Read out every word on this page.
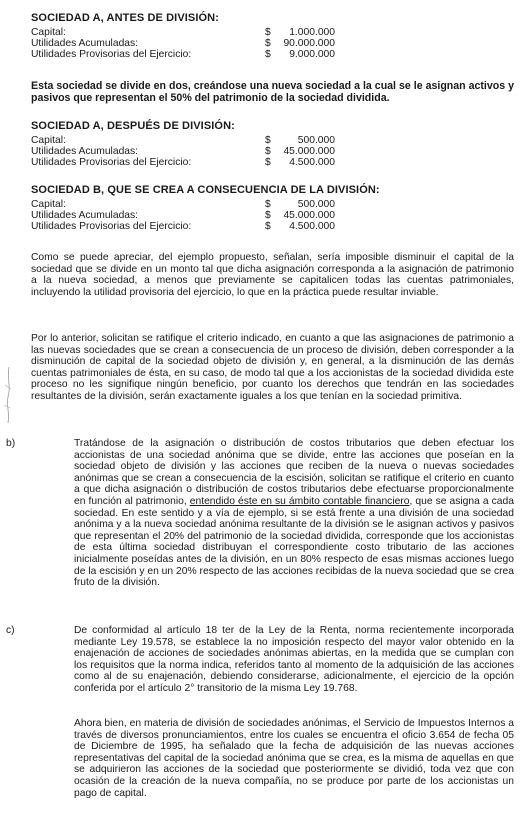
SOCIEDAD A, ANTES DE DIVISIÓN:
Capital:	$ 1.000.000
Utilidades Acumuladas:	$ 90.000.000
Utilidades Provisorias del Ejercicio:	$ 9.000.000
Esta sociedad se divide en dos, creándose una nueva sociedad a la cual se le asignan activos y pasivos que representan el 50% del patrimonio de la sociedad dividida.
SOCIEDAD A, DESPUÉS DE DIVISIÓN:
Capital:	$	500.000
Utilidades Acumuladas:	$ 45.000.000
Utilidades Provisorias del Ejercicio:	$ 4.500.000
SOCIEDAD B, QUE SE CREA A CONSECUENCIA DE LA DIVISIÓN:
Capital:	$	500.000
Utilidades Acumuladas:	$ 45.000.000
Utilidades Provisorias del Ejercicio:	$ 4.500.000
Como se puede apreciar, del ejemplo propuesto, señalan, sería imposible disminuir el capital de la sociedad que se divide en un monto tal que dicha asignación corresponda a la asignación de patrimonio a la nueva sociedad, a menos que previamente se capitalicen todas las cuentas patrimoniales, incluyendo la utilidad provisoria del ejercicio, lo que en la práctica puede resultar inviable.
Por lo anterior, solicitan se ratifique el criterio indicado, en cuanto a que las asignaciones de patrimonio a las nuevas sociedades que se crean a consecuencia de un proceso de división, deben corresponder a la disminución de capital de la sociedad objeto de división y, en general, a la disminución de las demás cuentas patrimoniales de ésta, en su caso, de modo tal que a los accionistas de la sociedad dividida este proceso no les signifique ningún beneficio, por cuanto los derechos que tendrán en las sociedades resultantes de la división, serán exactamente iguales a los que tenían en la sociedad primitiva.
b)	Tratándose de la asignación o distribución de costos tributarios que deben efectuar los accionistas de una sociedad anónima que se divide, entre las acciones que poseían en la sociedad objeto de división y las acciones que reciben de la nueva o nuevas sociedades anónimas que se crean a consecuencia de la escisión, solicitan se ratifique el criterio en cuanto a que dicha asignación o distribución de costos tributarios debe efectuarse proporcionalmente en función al patrimonio, entendido éste en su ámbito contable financiero, que se asigna a cada sociedad. En este sentido y a vía de ejemplo, si se está frente a una división de una sociedad anónima y a la nueva sociedad anónima resultante de la división se le asignan activos y pasivos que representan el 20% del patrimonio de la sociedad dividida, corresponde que los accionistas de esta última sociedad distribuyan el correspondiente costo tributario de las acciones inicialmente poseídas antes de la división, en un 80% respecto de esas mismas acciones luego de la escisión y en un 20% respecto de las acciones recibidas de la nueva sociedad que se crea fruto de la división.
c)	De conformidad al artículo 18 ter de la Ley de la Renta, norma recientemente incorporada mediante Ley 19.578, se establece la no imposición respecto del mayor valor obtenido en la enajenación de acciones de sociedades anónimas abiertas, en la medida que se cumplan con los requisitos que la norma indica, referidos tanto al momento de la adquisición de las acciones como al de su enajenación, debiendo considerarse, adicionalmente, el ejercicio de la opción conferida por el artículo 2° transitorio de la misma Ley 19.768.
Ahora bien, en materia de división de sociedades anónimas, el Servicio de Impuestos Internos a través de diversos pronunciamientos, entre los cuales se encuentra el oficio 3.654 de fecha 05 de Diciembre de 1995, ha señalado que la fecha de adquisición de las nuevas acciones representativas del capital de la sociedad anónima que se crea, es la misma de aquellas en que se adquirieron las acciones de la sociedad que posteriormente se dividió, toda vez que con ocasión de la creación de la nueva compañía, no se produce por parte de los accionistas un pago de capital.
